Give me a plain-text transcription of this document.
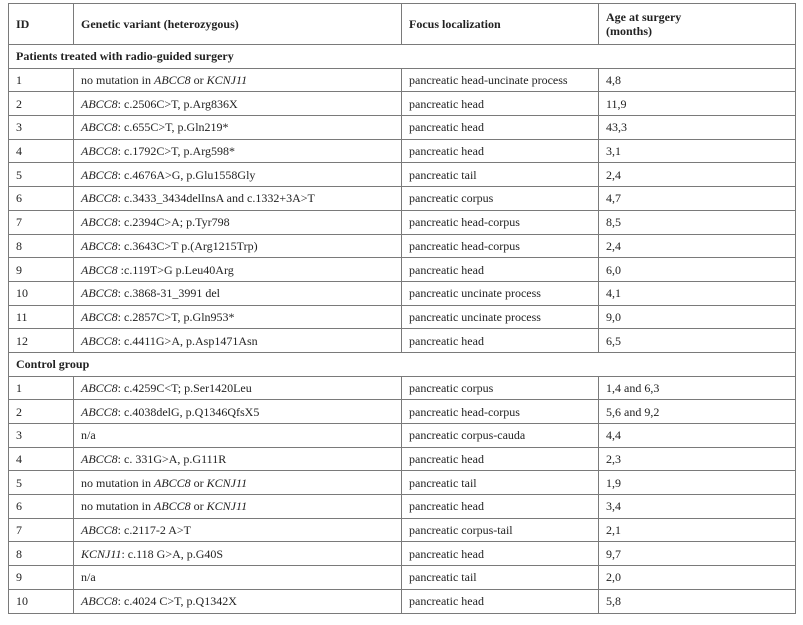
ID	Genetic variant (heterozygous)	Focus localization	Age at surgery
(months)
Patients treated with radio-guided surgery			
1	no mutation in ABCC8 or KCNJ11	pancreatic head-uncinate process	4,8
2	ABCC8: c.2506C>T, p.Arg836X	pancreatic head	11,9
3	ABCC8: c.655C>T, p.Gln219*	pancreatic head	43,3
4	ABCC8: c.1792C>T, p.Arg598*	pancreatic head	3,1
5	ABCC8: c.4676A>G, p.Glu1558Gly	pancreatic tail	2,4
6	ABCC8: c.3433_3434delInsA and c.1332+3A>T	pancreatic corpus	4,7
7	ABCC8: c.2394C>A; p.Tyr798	pancreatic head-corpus	8,5
8	ABCC8: c.3643C>T p.(Arg1215Trp)	pancreatic head-corpus	2,4
9	ABCC8 :c.119T>G p.Leu40Arg	pancreatic head	6,0
10	ABCC8: c.3868-31_3991 del	pancreatic uncinate process	4,1
11	ABCC8: c.2857C>T, p.Gln953*	pancreatic uncinate process	9,0
12	ABCC8: c.4411G>A, p.Asp1471Asn	pancreatic head	6,5
Control group			
1	ABCC8: c.4259C<T; p.Ser1420Leu	pancreatic corpus	1,4 and 6,3
2	ABCC8: c.4038delG, p.Q1346QfsX5	pancreatic head-corpus	5,6 and 9,2
3	n/a	pancreatic corpus-cauda	4,4
4	ABCC8: c. 331G>A, p.G111R	pancreatic head	2,3
5	no mutation in ABCC8 or KCNJ11	pancreatic tail	1,9
6	no mutation in ABCC8 or KCNJ11	pancreatic head	3,4
7	ABCC8: c.2117-2 A>T	pancreatic corpus-tail	2,1
8	KCNJ11: c.118 G>A, p.G40S	pancreatic head	9,7
9	n/a	pancreatic tail	2,0
10	ABCC8: c.4024 C>T, p.Q1342X	pancreatic head	5,8
